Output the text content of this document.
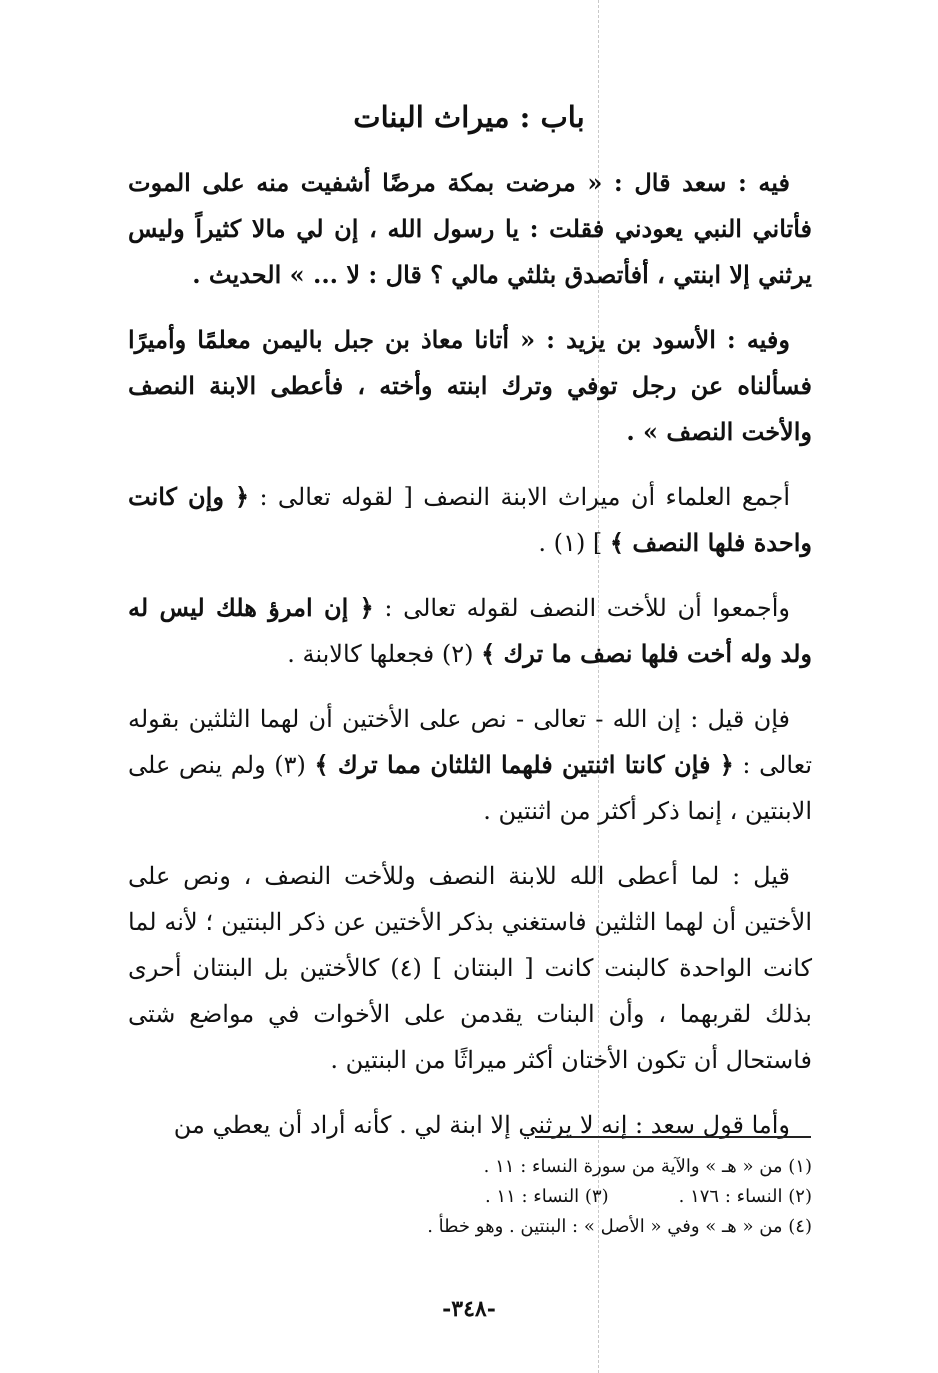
باب : ميراث البنات

فيه : سعد قال : « مرضت بمكة مرضًا أشفيت منه على الموت فأتاني النبي يعودني فقلت : يا رسول الله ، إن لي مالا كثيراً وليس يرثني إلا ابنتي ، أفأتصدق بثلثي مالي ؟ قال : لا ... » الحديث .

وفيه : الأسود بن يزيد : « أتانا معاذ بن جبل باليمن معلمًا وأميرًا فسألناه عن رجل توفي وترك ابنته وأخته ، فأعطى الابنة النصف والأخت النصف » .

أجمع العلماء أن ميراث الابنة النصف [ لقوله تعالى : ﴿ وإن كانت واحدة فلها النصف ﴾ ] (١) .

وأجمعوا أن للأخت النصف لقوله تعالى : ﴿ إن امرؤ هلك ليس له ولد وله أخت فلها نصف ما ترك ﴾ (٢) فجعلها كالابنة .

فإن قيل : إن الله - تعالى - نص على الأختين أن لهما الثلثين بقوله تعالى : ﴿ فإن كانتا اثنتين فلهما الثلثان مما ترك ﴾ (٣) ولم ينص على الابنتين ، إنما ذكر أكثر من اثنتين .

قيل : لما أعطى الله للابنة النصف وللأخت النصف ، ونص على الأختين أن لهما الثلثين فاستغني بذكر الأختين عن ذكر البنتين ؛ لأنه لما كانت الواحدة كالبنت كانت [ البنتان ] (٤) كالأختين بل البنتان أحرى بذلك لقربهما ، وأن البنات يقدمن على الأخوات في مواضع شتى فاستحال أن تكون الأختان أكثر ميراثًا من البنتين .

وأما قول سعد : إنه لا يرثني إلا ابنة لي . كأنه أراد أن يعطي من

(١) من « هـ » والآية من سورة النساء : ١١ .

(٢) النساء : ١٧٦ .(٣) النساء : ١١ .

(٤) من « هـ » وفي « الأصل » : البنتين . وهو خطأ .

-٣٤٨-
